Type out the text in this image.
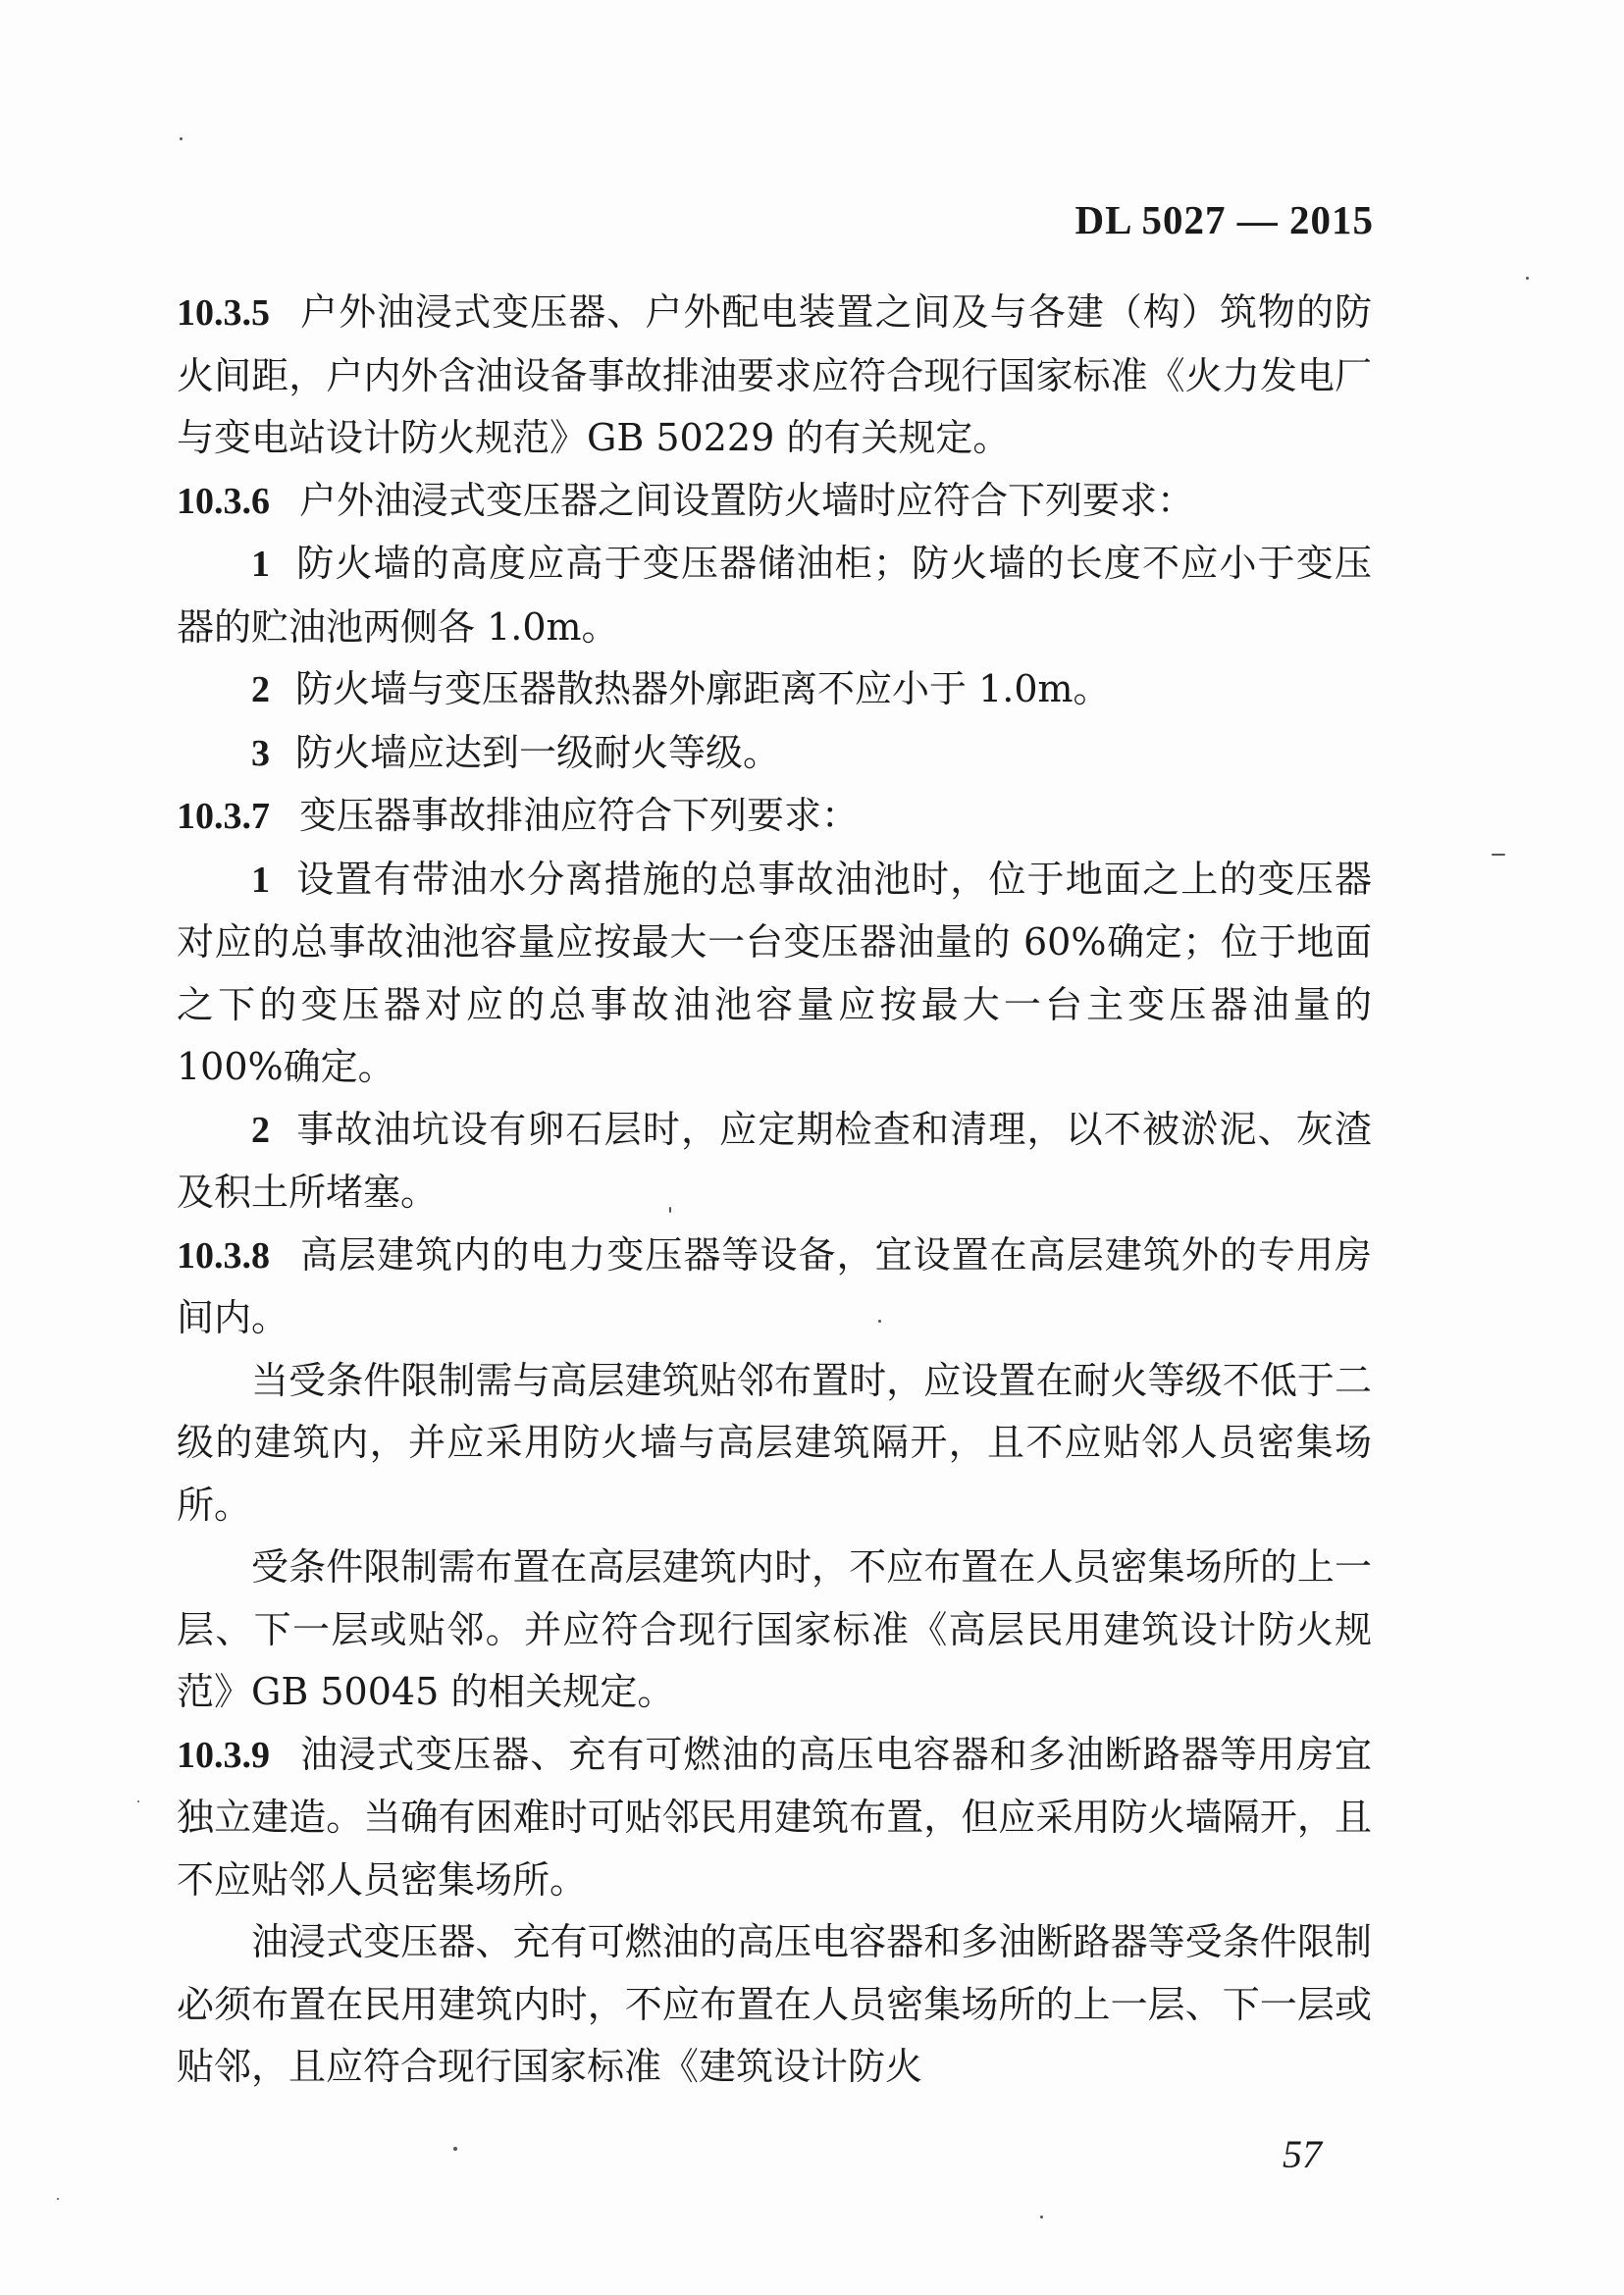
DL 5027 — 2015

10.3.5 户外油浸式变压器、户外配电装置之间及与各建（构）筑物的防火间距，户内外含油设备事故排油要求应符合现行国家标准《火力发电厂与变电站设计防火规范》GB 50229 的有关规定。

10.3.6 户外油浸式变压器之间设置防火墙时应符合下列要求：

1 防火墙的高度应高于变压器储油柜；防火墙的长度不应小于变压器的贮油池两侧各 1.0m。

2 防火墙与变压器散热器外廓距离不应小于 1.0m。

3 防火墙应达到一级耐火等级。

10.3.7 变压器事故排油应符合下列要求：

1 设置有带油水分离措施的总事故油池时，位于地面之上的变压器对应的总事故油池容量应按最大一台变压器油量的 60%确定；位于地面之下的变压器对应的总事故油池容量应按最大一台主变压器油量的 100%确定。

2 事故油坑设有卵石层时，应定期检查和清理，以不被淤泥、灰渣及积土所堵塞。

10.3.8 高层建筑内的电力变压器等设备，宜设置在高层建筑外的专用房间内。

当受条件限制需与高层建筑贴邻布置时，应设置在耐火等级不低于二级的建筑内，并应采用防火墙与高层建筑隔开，且不应贴邻人员密集场所。

受条件限制需布置在高层建筑内时，不应布置在人员密集场所的上一层、下一层或贴邻。并应符合现行国家标准《高层民用建筑设计防火规范》GB 50045 的相关规定。

10.3.9 油浸式变压器、充有可燃油的高压电容器和多油断路器等用房宜独立建造。当确有困难时可贴邻民用建筑布置，但应采用防火墙隔开，且不应贴邻人员密集场所。

油浸式变压器、充有可燃油的高压电容器和多油断路器等受条件限制必须布置在民用建筑内时，不应布置在人员密集场所的上一层、下一层或贴邻，且应符合现行国家标准《建筑设计防火

57
